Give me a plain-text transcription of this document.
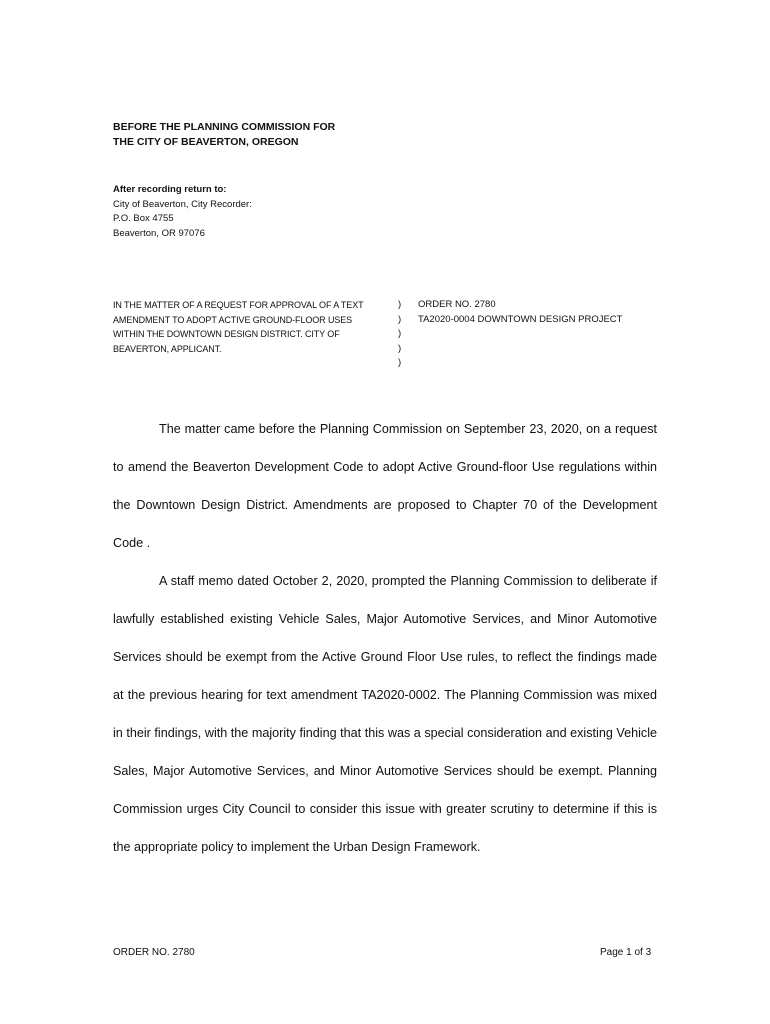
BEFORE THE PLANNING COMMISSION FOR
THE CITY OF BEAVERTON, OREGON
After recording return to:
City of Beaverton, City Recorder:
P.O. Box 4755
Beaverton, OR 97076
IN THE MATTER OF A REQUEST FOR APPROVAL OF A TEXT
AMENDMENT TO ADOPT ACTIVE GROUND-FLOOR USES
WITHIN THE DOWNTOWN DESIGN DISTRICT. CITY OF
BEAVERTON, APPLICANT.
)
)
)
)
)
ORDER NO. 2780
TA2020-0004 DOWNTOWN DESIGN PROJECT

The matter came before the Planning Commission on September 23, 2020, on a request to amend the Beaverton Development Code to adopt Active Ground-floor Use regulations within the Downtown Design District. Amendments are proposed to Chapter 70 of the Development Code .

A staff memo dated October 2, 2020, prompted the Planning Commission to deliberate if lawfully established existing Vehicle Sales, Major Automotive Services, and Minor Automotive Services should be exempt from the Active Ground Floor Use rules, to reflect the findings made at the previous hearing for text amendment TA2020-0002. The Planning Commission was mixed in their findings, with the majority finding that this was a special consideration and existing Vehicle Sales, Major Automotive Services, and Minor Automotive Services should be exempt. Planning Commission urges City Council to consider this issue with greater scrutiny to determine if this is the appropriate policy to implement the Urban Design Framework.

ORDER NO. 2780	Page 1 of 3
